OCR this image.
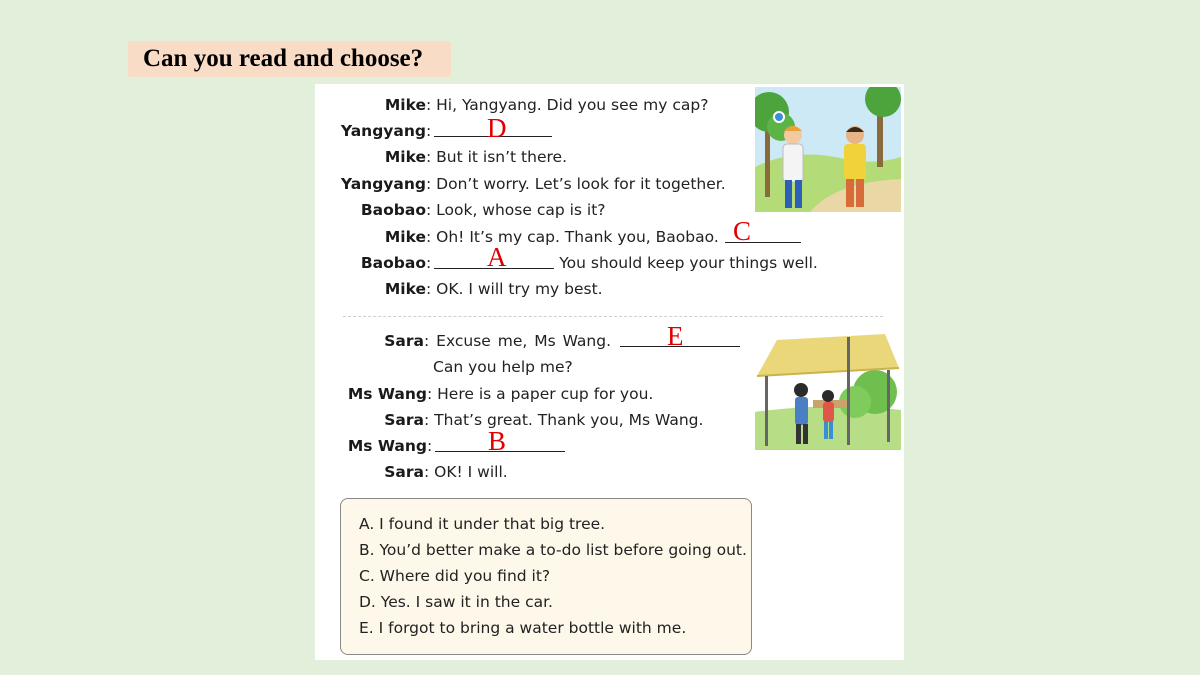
Can you read and choose?
Mike: Hi, Yangyang. Did you see my cap?
Yangyang:
Mike: But it isn’t there.
Yangyang: Don’t worry. Let’s look for it together.
Baobao: Look, whose cap is it?
Mike: Oh! It’s my cap. Thank you, Baobao.
Baobao:	You should keep your things well.
Mike: OK. I will try my best.
D
C
A
Sara: Excuse me, Ms Wang.
Can you help me?
Ms Wang: Here is a paper cup for you.
Sara: That’s great. Thank you, Ms Wang.
Ms Wang:
Sara: OK! I will.
E
B
A. I found it under that big tree.
B. You’d better make a to-do list before going out.
C. Where did you find it?
D. Yes. I saw it in the car.
E. I forgot to bring a water bottle with me.
